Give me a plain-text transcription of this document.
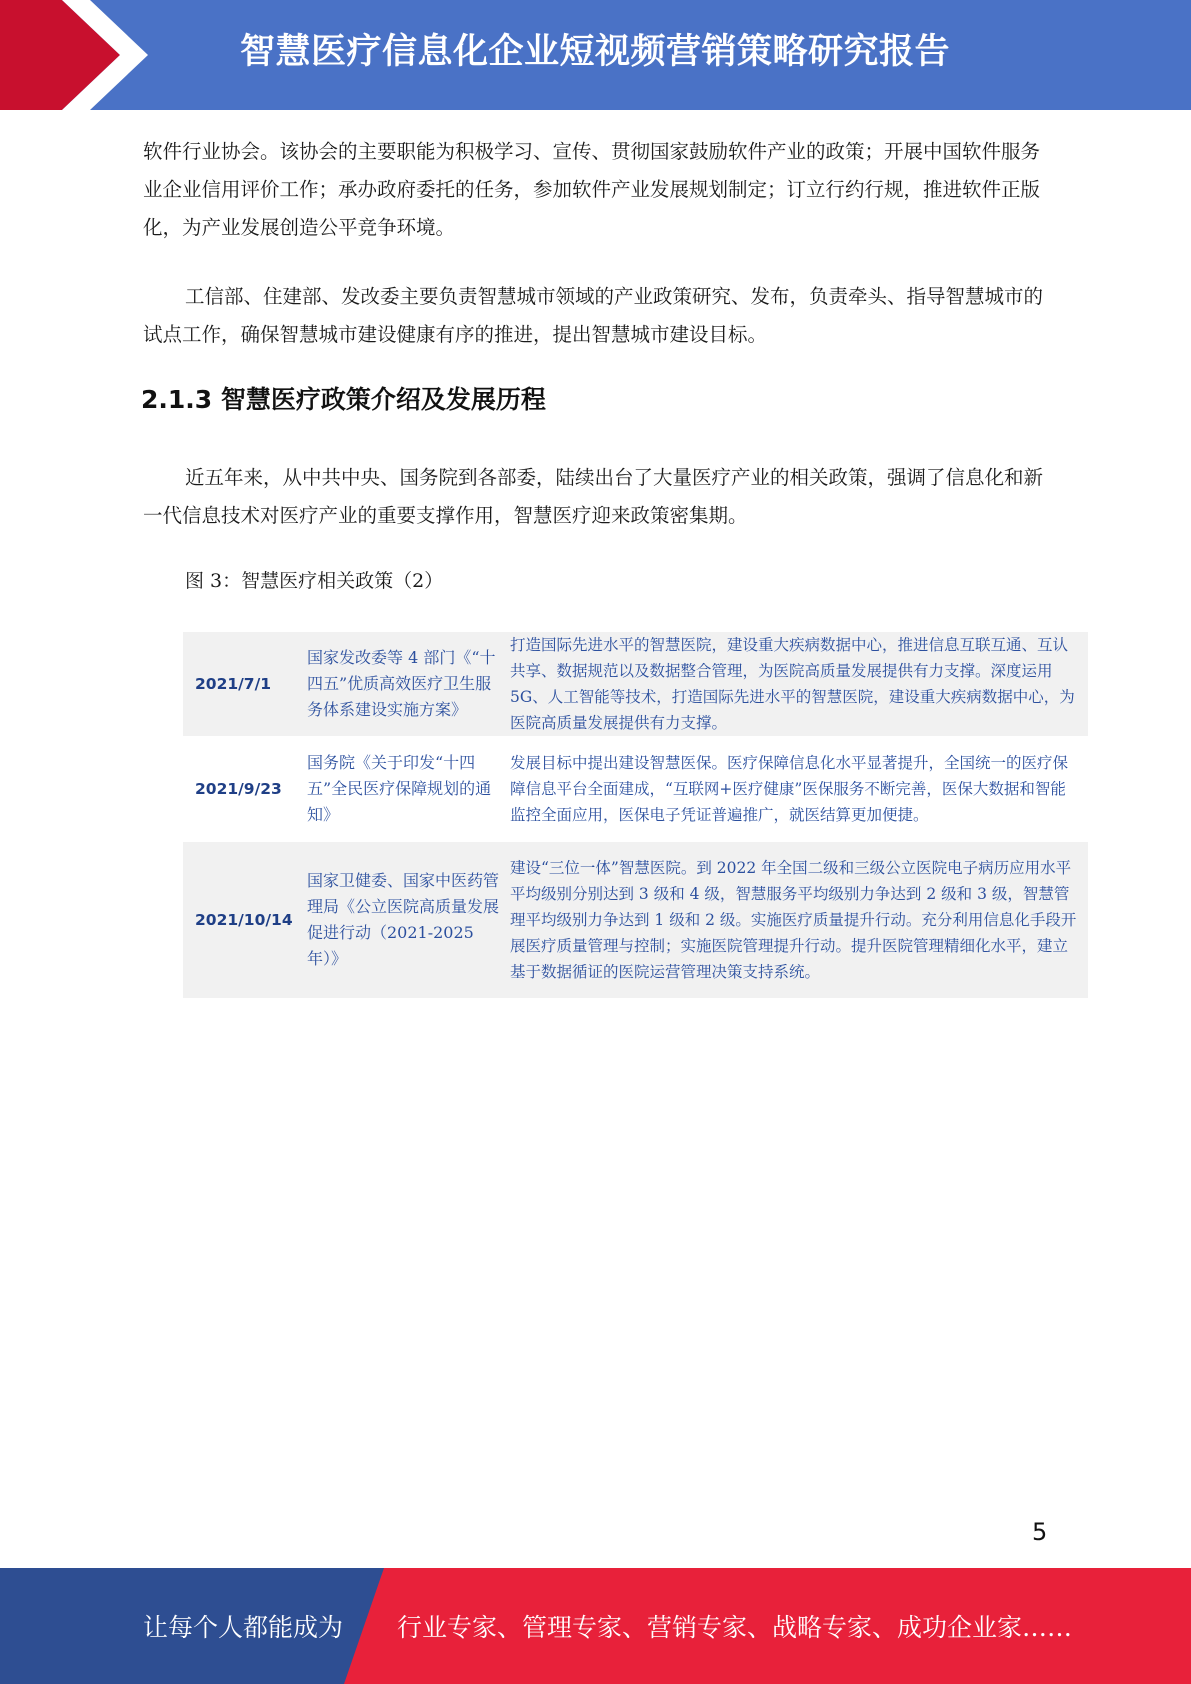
智慧医疗信息化企业短视频营销策略研究报告

软件行业协会。该协会的主要职能为积极学习、宣传、贯彻国家鼓励软件产业的政策；开展中国软件服务业企业信用评价工作；承办政府委托的任务，参加软件产业发展规划制定；订立行约行规，推进软件正版化，为产业发展创造公平竞争环境。

工信部、住建部、发改委主要负责智慧城市领域的产业政策研究、发布，负责牵头、指导智慧城市的试点工作，确保智慧城市建设健康有序的推进，提出智慧城市建设目标。

2.1.3 智慧医疗政策介绍及发展历程

近五年来，从中共中央、国务院到各部委，陆续出台了大量医疗产业的相关政策，强调了信息化和新一代信息技术对医疗产业的重要支撑作用，智慧医疗迎来政策密集期。

图 3：智慧医疗相关政策（2）

2021/7/1	国家发改委等 4 部门《“十四五”优质高效医疗卫生服务体系建设实施方案》	打造国际先进水平的智慧医院，建设重大疾病数据中心，推进信息互联互通、互认共享、数据规范以及数据整合管理，为医院高质量发展提供有力支撑。深度运用 5G、人工智能等技术，打造国际先进水平的智慧医院，建设重大疾病数据中心，为医院高质量发展提供有力支撑。
2021/9/23	国务院《关于印发“十四五”全民医疗保障规划的通知》	发展目标中提出建设智慧医保。医疗保障信息化水平显著提升，全国统一的医疗保障信息平台全面建成，“互联网+医疗健康”医保服务不断完善，医保大数据和智能监控全面应用，医保电子凭证普遍推广，就医结算更加便捷。
2021/10/14	国家卫健委、国家中医药管理局《公立医院高质量发展促进行动（2021-2025 年）》	建设“三位一体”智慧医院。到 2022 年全国二级和三级公立医院电子病历应用水平平均级别分别达到 3 级和 4 级，智慧服务平均级别力争达到 2 级和 3 级，智慧管理平均级别力争达到 1 级和 2 级。实施医疗质量提升行动。充分利用信息化手段开展医疗质量管理与控制；实施医院管理提升行动。提升医院管理精细化水平，建立基于数据循证的医院运营管理决策支持系统。
5
让每个人都能成为 行业专家、管理专家、营销专家、战略专家、成功企业家……
